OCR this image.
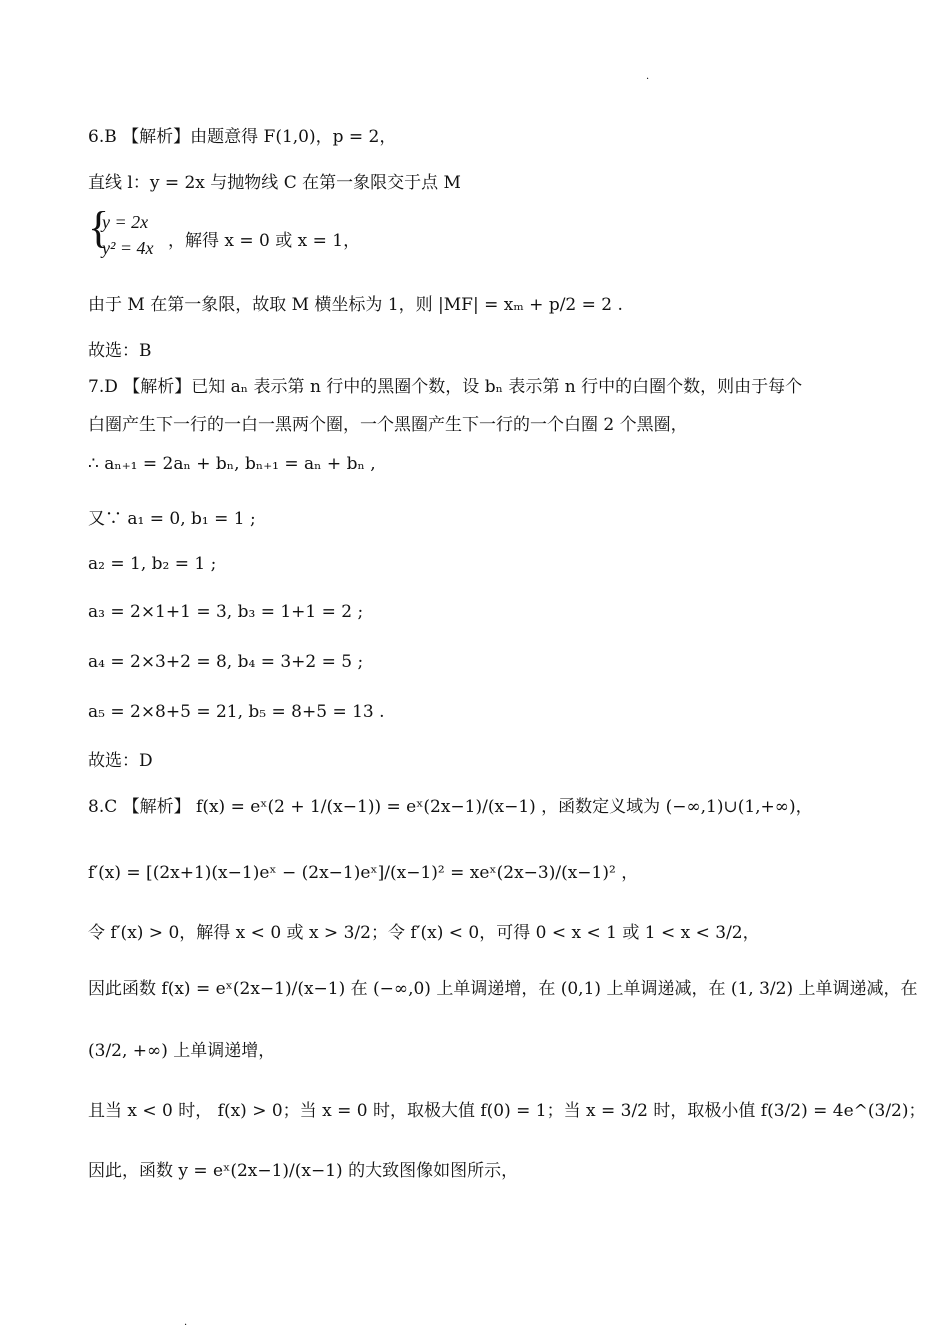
·
6.B 【解析】由题意得 F(1,0)，p = 2，
直线 l：y = 2x 与抛物线 C 在第一象限交于点 M
{
y = 2x
y² = 4x ，解得 x = 0 或 x = 1，
由于 M 在第一象限，故取 M 横坐标为 1，则 |MF| = xₘ + p/2 = 2 .
故选：B
7.D 【解析】已知 aₙ 表示第 n 行中的黑圈个数，设 bₙ 表示第 n 行中的白圈个数，则由于每个
白圈产生下一行的一白一黑两个圈，一个黑圈产生下一行的一个白圈 2 个黑圈，
∴ aₙ₊₁ = 2aₙ + bₙ, bₙ₊₁ = aₙ + bₙ ,
又∵ a₁ = 0, b₁ = 1 ;
a₂ = 1, b₂ = 1 ;
a₃ = 2×1+1 = 3, b₃ = 1+1 = 2 ;
a₄ = 2×3+2 = 8, b₄ = 3+2 = 5 ;
a₅ = 2×8+5 = 21, b₅ = 8+5 = 13 .
故选：D
8.C 【解析】 f(x) = eˣ(2 + 1/(x−1)) = eˣ(2x−1)/(x−1) ，函数定义域为 (−∞,1)∪(1,+∞)，
f′(x) = [(2x+1)(x−1)eˣ − (2x−1)eˣ]/(x−1)² = xeˣ(2x−3)/(x−1)² ，
令 f′(x) > 0，解得 x < 0 或 x > 3/2；令 f′(x) < 0，可得 0 < x < 1 或 1 < x < 3/2，
因此函数 f(x) = eˣ(2x−1)/(x−1) 在 (−∞,0) 上单调递增，在 (0,1) 上单调递减，在 (1, 3/2) 上单调递减，在
(3/2, +∞) 上单调递增，
且当 x < 0 时， f(x) > 0；当 x = 0 时，取极大值 f(0) = 1；当 x = 3/2 时，取极小值 f(3/2) = 4e^(3/2)；
因此，函数 y = eˣ(2x−1)/(x−1) 的大致图像如图所示，
·
